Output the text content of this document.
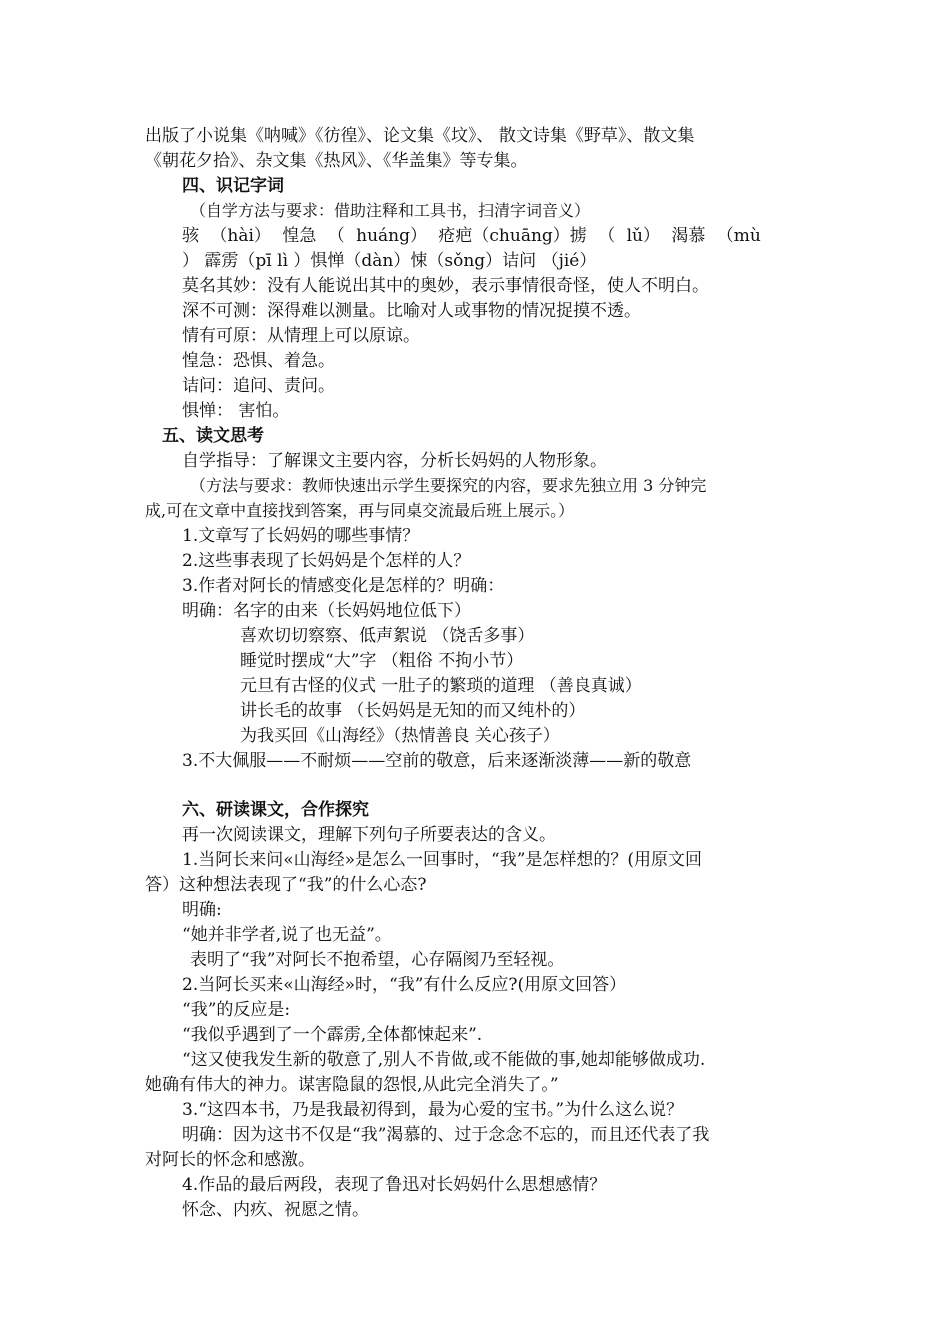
出版了小说集《呐喊》《彷徨》、论文集《坟》、 散文诗集《野草》、散文集
《朝花夕拾》、杂文集《热风》、《华盖集》等专集。
四、识记字词
（自学方法与要求：借助注释和工具书，扫清字词音义）
骇 （hài） 惶急 （ huáng） 疮疤（chuāng）掳 （ lǔ） 渴慕 （mù
） 霹雳（pī lì ）惧惮（dàn）悚（sǒng）诘问 （jié）
莫名其妙：没有人能说出其中的奥妙，表示事情很奇怪，使人不明白。
深不可测：深得难以测量。比喻对人或事物的情况捉摸不透。
情有可原：从情理上可以原谅。
惶急：恐惧、着急。
诘问：追问、责问。
惧惮： 害怕。
五、读文思考
自学指导：了解课文主要内容，分析长妈妈的人物形象。
（方法与要求：教师快速出示学生要探究的内容，要求先独立用 3 分钟完
成,可在文章中直接找到答案，再与同桌交流最后班上展示。）
1.文章写了长妈妈的哪些事情？
2.这些事表现了长妈妈是个怎样的人？
3.作者对阿长的情感变化是怎样的？明确：
明确：名字的由来（长妈妈地位低下）
喜欢切切察察、低声絮说 （饶舌多事）
睡觉时摆成“大”字 （粗俗 不拘小节）
元旦有古怪的仪式 一肚子的繁琐的道理 （善良真诚）
讲长毛的故事 （长妈妈是无知的而又纯朴的）
为我买回《山海经》（热情善良 关心孩子）
3.不大佩服——不耐烦——空前的敬意，后来逐渐淡薄——新的敬意
六、研读课文，合作探究
再一次阅读课文，理解下列句子所要表达的含义。
1.当阿长来问«山海经»是怎么一回事时，“我”是怎样想的？(用原文回
答）这种想法表现了“我”的什么心态?
明确:
“她并非学者,说了也无益”。
表明了“我”对阿长不抱希望，心存隔阂乃至轻视。
2.当阿长买来«山海经»时，“我”有什么反应?(用原文回答）
“我”的反应是:
“我似乎遇到了一个霹雳,全体都悚起来”.
“这又使我发生新的敬意了,别人不肯做,或不能做的事,她却能够做成功.
她确有伟大的神力。谋害隐鼠的怨恨,从此完全消失了。”
3.“这四本书，乃是我最初得到，最为心爱的宝书。”为什么这么说？
明确：因为这书不仅是“我”渴慕的、过于念念不忘的，而且还代表了我
对阿长的怀念和感激。
4.作品的最后两段，表现了鲁迅对长妈妈什么思想感情？
怀念、内疚、祝愿之情。
